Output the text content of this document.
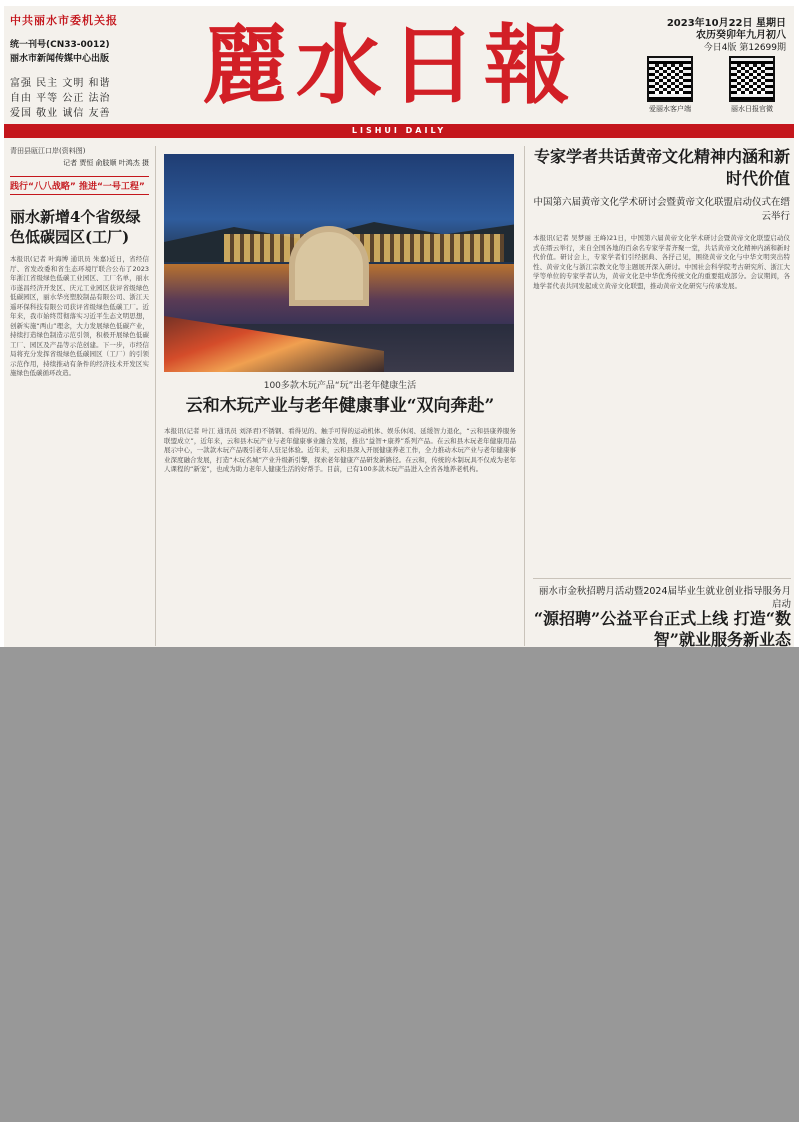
中共丽水市委机关报
统一刊号(CN33-0012)
丽水市新闻传媒中心出版
富强 民主 文明 和谐
自由 平等 公正 法治
爱国 敬业 诚信 友善	麗水日報	2023年10月22日 星期日
农历癸卯年九月初八
今日4版 第12699期
爱丽水客户端	丽水日报官微
LISHUI DAILY
青田县瓯江口岸(资料图)
记者 贾恒 俞肢顺 叶鸿杰 摄
践行“八八战略” 推进“一号工程”
丽水新增4个省级绿色低碳园区(工厂)
本报讯(记者 叶海博 通讯员 朱嘉)近日，省经信厅、省发改委和省生态环境厅联合公布了2023年浙江省级绿色低碳工业园区、工厂名单，丽水市遂昌经济开发区、庆元工业园区获评省级绿色低碳园区，丽水华亮塑胶制品有限公司、浙江天遥环保科技有限公司获评省级绿色低碳工厂。近年来，我市始终贯彻落实习近平生态文明思想，创新实施“两山”理念，大力发展绿色低碳产业，持续打造绿色制造示范引领，积极开展绿色低碳工厂、园区及产品等示范创建。下一步，市经信局将充分发挥省级绿色低碳园区（工厂）的引领示范作用，持续推动有条件的经济技术开发区实施绿色低碳循环改造。
100多款木玩产品“玩”出老年健康生活
云和木玩产业与老年健康事业“双向奔赴”
本报讯(记者 叶江 通讯员 刘泽君)不锈钢、看得见的、触手可得的运动机体、娱乐休闲、延缓智力退化，“云和县康养服务联盟成立”，近年来，云和县木玩产业与老年健康事业融合发展，推出“益智+康养”系列产品。在云和县木玩老年健康用品展示中心，一款款木玩产品吸引老年人驻足体验。近年来，云和县深入开展健康养老工作，全力推动木玩产业与老年健康事业深度融合发展，打造“木玩名城”产业升级新引擎，探索老年健康产品研发新路径。在云和，传统的木制玩具不仅成为老年人课程的“新宠”，也成为助力老年人健康生活的好帮手。目前，已有100多款木玩产品进入全省各地养老机构。
专家学者共话黄帝文化精神内涵和新时代价值
中国第六届黄帝文化学术研讨会暨黄帝文化联盟启动仪式在缙云举行
本报讯(记者 吴梦丽 王峰)21日，中国第六届黄帝文化学术研讨会暨黄帝文化联盟启动仪式在缙云举行，来自全国各地的百余名专家学者齐聚一堂，共话黄帝文化精神内涵和新时代价值。研讨会上，专家学者们引经据典、各抒己见，围绕黄帝文化与中华文明突出特性、黄帝文化与浙江宗教文化等主题展开深入研讨。中国社会科学院考古研究所、浙江大学等单位的专家学者认为，黄帝文化是中华优秀传统文化的重要组成部分。会议期间，各地学者代表共同发起成立黄帝文化联盟，推动黄帝文化研究与传承发展。
丽水市金秋招聘月活动暨2024届毕业生就业创业指导服务月启动
“源招聘”公益平台正式上线 打造“数智”就业服务新业态
